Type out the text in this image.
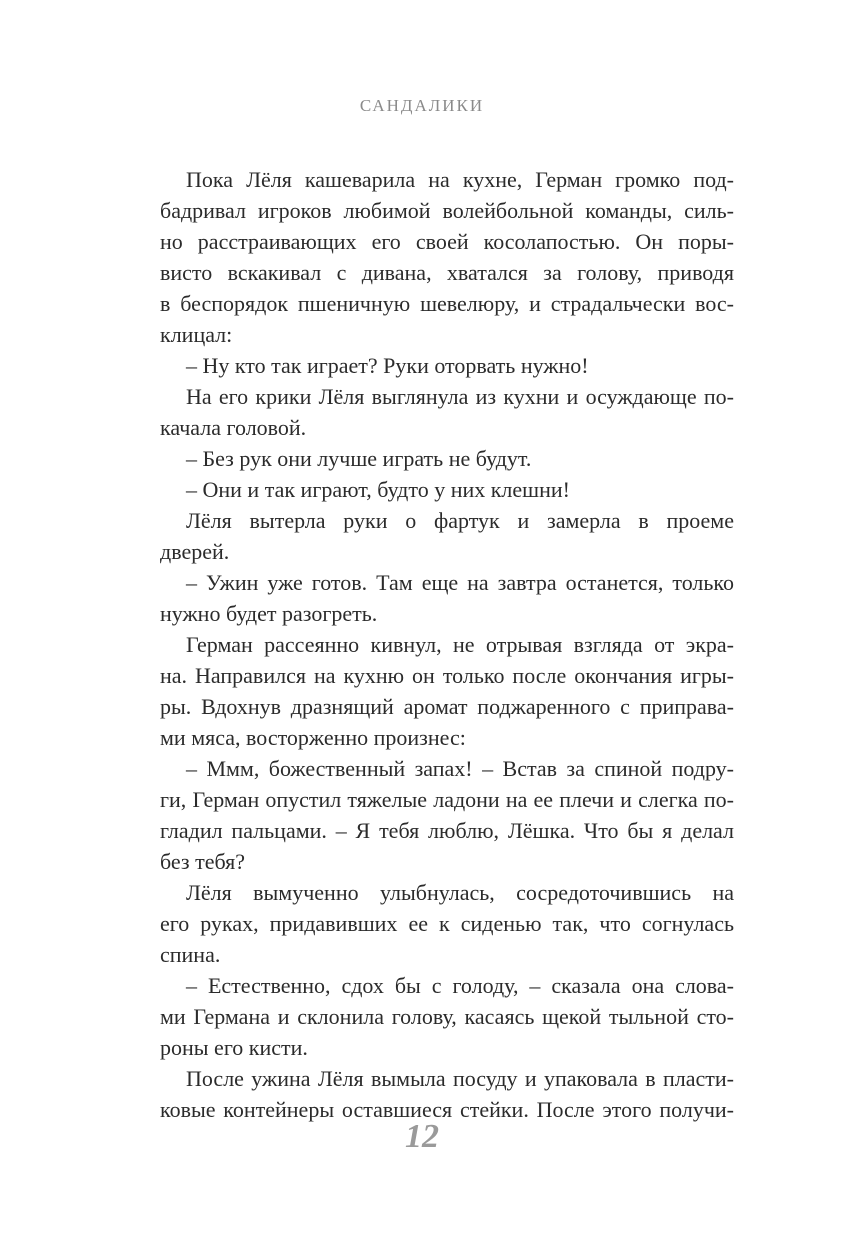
САНДАЛИКИ
Пока Лёля кашеварила на кухне, Герман громко под-
бадривал игроков любимой волейбольной команды, силь-
но расстраивающих его своей косолапостью. Он поры-
висто вскакивал с дивана, хватался за голову, приводя
в беспорядок пшеничную шевелюру, и страдальчески вос-
клицал:
– Ну кто так играет? Руки оторвать нужно!
На его крики Лёля выглянула из кухни и осуждающе по-
качала головой.
– Без рук они лучше играть не будут.
– Они и так играют, будто у них клешни!
Лёля вытерла руки о фартук и замерла в проеме
дверей.
– Ужин уже готов. Там еще на завтра останется, только
нужно будет разогреть.
Герман рассеянно кивнул, не отрывая взгляда от экра-
на. Направился на кухню он только после окончания игры-
ры. Вдохнув дразнящий аромат поджаренного с приправа-
ми мяса, восторженно произнес:
– Ммм, божественный запах! – Встав за спиной подру-
ги, Герман опустил тяжелые ладони на ее плечи и слегка по-
гладил пальцами. – Я тебя люблю, Лёшка. Что бы я делал
без тебя?
Лёля вымученно улыбнулась, сосредоточившись на
его руках, придавивших ее к сиденью так, что согнулась
спина.
– Естественно, сдох бы с голоду, – сказала она слова-
ми Германа и склонила голову, касаясь щекой тыльной сто-
роны его кисти.
После ужина Лёля вымыла посуду и упаковала в пласти-
ковые контейнеры оставшиеся стейки. После этого получи-
12
